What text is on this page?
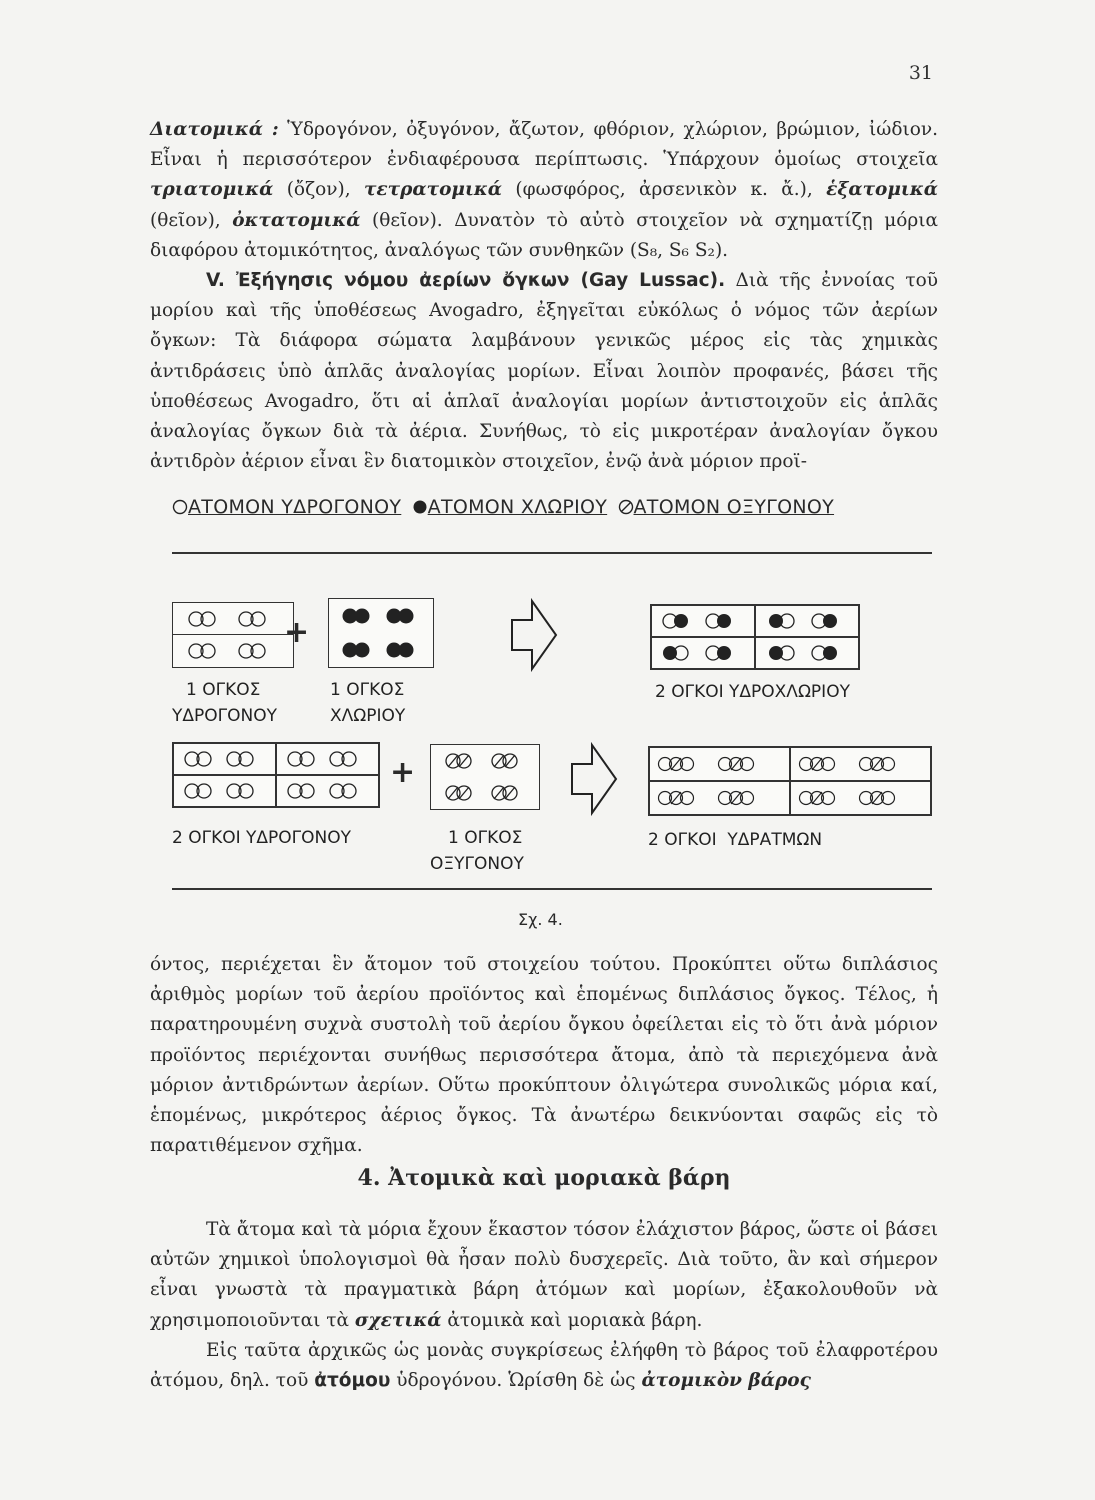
31

Διατομικά : Ὑδρογόνον, ὀξυγόνον, ἄζωτον, φθόριον, χλώριον, βρώμιον, ἰώδιον. Εἶναι ἡ περισσότερον ἐνδιαφέρουσα περίπτωσις. Ὑπάρχουν ὁμοίως στοιχεῖα τριατομικά (ὄζον), τετρατομικά (φωσφόρος, ἀρσενικὸν κ. ἄ.), ἑξατομικά (θεῖον), ὀκτατομικά (θεῖον). Δυνατὸν τὸ αὐτὸ στοιχεῖον νὰ σχηματίζῃ μόρια διαφόρου ἀτομικότητος, ἀναλόγως τῶν συνθηκῶν (S₈, S₆ S₂).

V. Ἐξήγησις νόμου ἀερίων ὄγκων (Gay Lussac). Διὰ τῆς ἐννοίας τοῦ μορίου καὶ τῆς ὑποθέσεως Avogadro, ἐξηγεῖται εὐκόλως ὁ νόμος τῶν ἀερίων ὄγκων: Τὰ διάφορα σώματα λαμβάνουν γενικῶς μέρος εἰς τὰς χημικὰς ἀντιδράσεις ὑπὸ ἁπλᾶς ἀναλογίας μορίων. Εἶναι λοιπὸν προφανές, βάσει τῆς ὑποθέσεως Avogadro, ὅτι αἱ ἁπλαῖ ἀναλογίαι μορίων ἀντιστοιχοῦν εἰς ἁπλᾶς ἀναλογίας ὄγκων διὰ τὰ ἀέρια. Συνήθως, τὸ εἰς μικροτέραν ἀναλογίαν ὄγκου ἀντιδρὸν ἀέριον εἶναι ἓν διατομικὸν στοιχεῖον, ἐνῷ ἀνὰ μόριον προϊ-

ΑΤΟΜΟΝ ΥΔΡΟΓΟΝΟΥ ΑΤΟΜΟΝ ΧΛΩΡΙΟΥ ΑΤΟΜΟΝ ΟΞΥΓΟΝΟΥ
+
1 ΟΓΚΟΣ
ΥΔΡΟΓΟΝΟΥ
1 ΟΓΚΟΣ
ΧΛΩΡΙΟΥ
2 ΟΓΚΟΙ ΥΔΡΟΧΛΩΡΙΟΥ
+
2 ΟΓΚΟΙ ΥΔΡΟΓΟΝΟΥ	1 ΟΓΚΟΣ
ΟΞΥΓΟΝΟΥ
2 ΟΓΚΟΙ  ΥΔΡΑΤΜΩΝ
Σχ. 4.

όντος, περιέχεται ἓν ἄτομον τοῦ στοιχείου τούτου. Προκύπτει οὕτω διπλάσιος ἀριθμὸς μορίων τοῦ ἀερίου προϊόντος καὶ ἑπομένως διπλάσιος ὄγκος. Τέλος, ἡ παρατηρουμένη συχνὰ συστολὴ τοῦ ἀερίου ὄγκου ὀφείλεται εἰς τὸ ὅτι ἀνὰ μόριον προϊόντος περιέχονται συνήθως περισσότερα ἄτομα, ἀπὸ τὰ περιεχόμενα ἀνὰ μόριον ἀντιδρώντων ἀερίων. Οὕτω προκύπτουν ὀλιγώτερα συνολικῶς μόρια καί, ἑπομένως, μικρότερος ἀέριος ὄγκος. Τὰ ἀνωτέρω δεικνύονται σαφῶς εἰς τὸ παρατιθέμενον σχῆμα.

4. Ἀτομικὰ καὶ μοριακὰ βάρη

Τὰ ἄτομα καὶ τὰ μόρια ἔχουν ἕκαστον τόσον ἐλάχιστον βάρος, ὥστε οἱ βάσει αὐτῶν χημικοὶ ὑπολογισμοὶ θὰ ἦσαν πολὺ δυσχερεῖς. Διὰ τοῦτο, ἂν καὶ σήμερον εἶναι γνωστὰ τὰ πραγματικὰ βάρη ἀτόμων καὶ μορίων, ἐξακολουθοῦν νὰ χρησιμοποιοῦνται τὰ σχετικά ἀτομικὰ καὶ μοριακὰ βάρη.

Εἰς ταῦτα ἀρχικῶς ὡς μονὰς συγκρίσεως ἐλήφθη τὸ βάρος τοῦ ἐλαφροτέρου ἀτόμου, δηλ. τοῦ ἀτόμου ὑδρογόνου. Ὡρίσθη δὲ ὡς ἀτομικὸν βάρος
